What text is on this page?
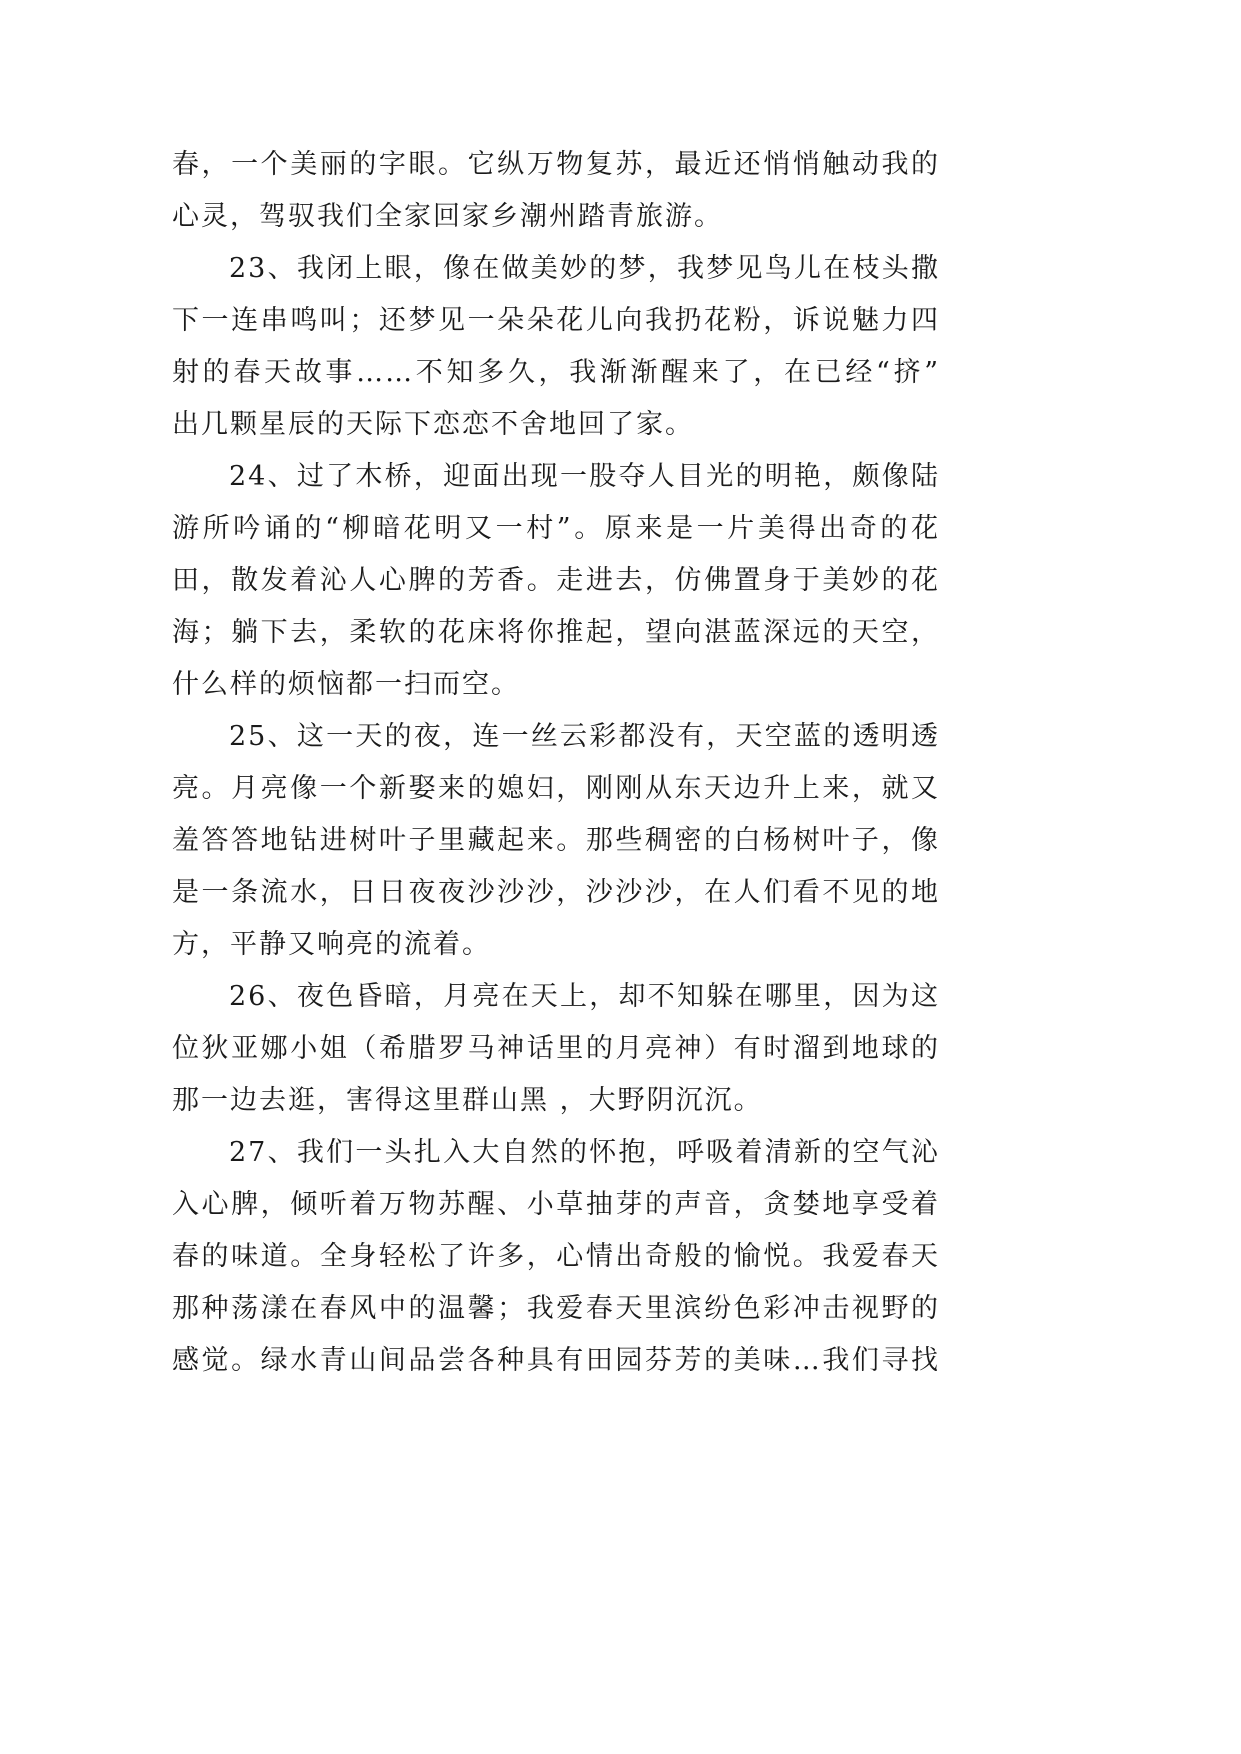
春，一个美丽的字眼。它纵万物复苏，最近还悄悄触动我的
心灵，驾驭我们全家回家乡潮州踏青旅游。
23、我闭上眼，像在做美妙的梦，我梦见鸟儿在枝头撒
下一连串鸣叫；还梦见一朵朵花儿向我扔花粉，诉说魅力四
射的春天故事……不知多久，我渐渐醒来了，在已经“挤”
出几颗星辰的天际下恋恋不舍地回了家。
24、过了木桥，迎面出现一股夺人目光的明艳，颇像陆
游所吟诵的“柳暗花明又一村”。原来是一片美得出奇的花
田，散发着沁人心脾的芳香。走进去，仿佛置身于美妙的花
海；躺下去，柔软的花床将你推起，望向湛蓝深远的天空，
什么样的烦恼都一扫而空。
25、这一天的夜，连一丝云彩都没有，天空蓝的透明透
亮。月亮像一个新娶来的媳妇，刚刚从东天边升上来，就又
羞答答地钻进树叶子里藏起来。那些稠密的白杨树叶子，像
是一条流水，日日夜夜沙沙沙，沙沙沙，在人们看不见的地
方，平静又响亮的流着。
26、夜色昏暗，月亮在天上，却不知躲在哪里，因为这
位狄亚娜小姐（希腊罗马神话里的月亮神）有时溜到地球的
那一边去逛，害得这里群山黑 ，大野阴沉沉。
27、我们一头扎入大自然的怀抱，呼吸着清新的空气沁
入心脾，倾听着万物苏醒、小草抽芽的声音，贪婪地享受着
春的味道。全身轻松了许多，心情出奇般的愉悦。我爱春天
那种荡漾在春风中的温馨；我爱春天里滨纷色彩冲击视野的
感觉。绿水青山间品尝各种具有田园芬芳的美味…我们寻找
